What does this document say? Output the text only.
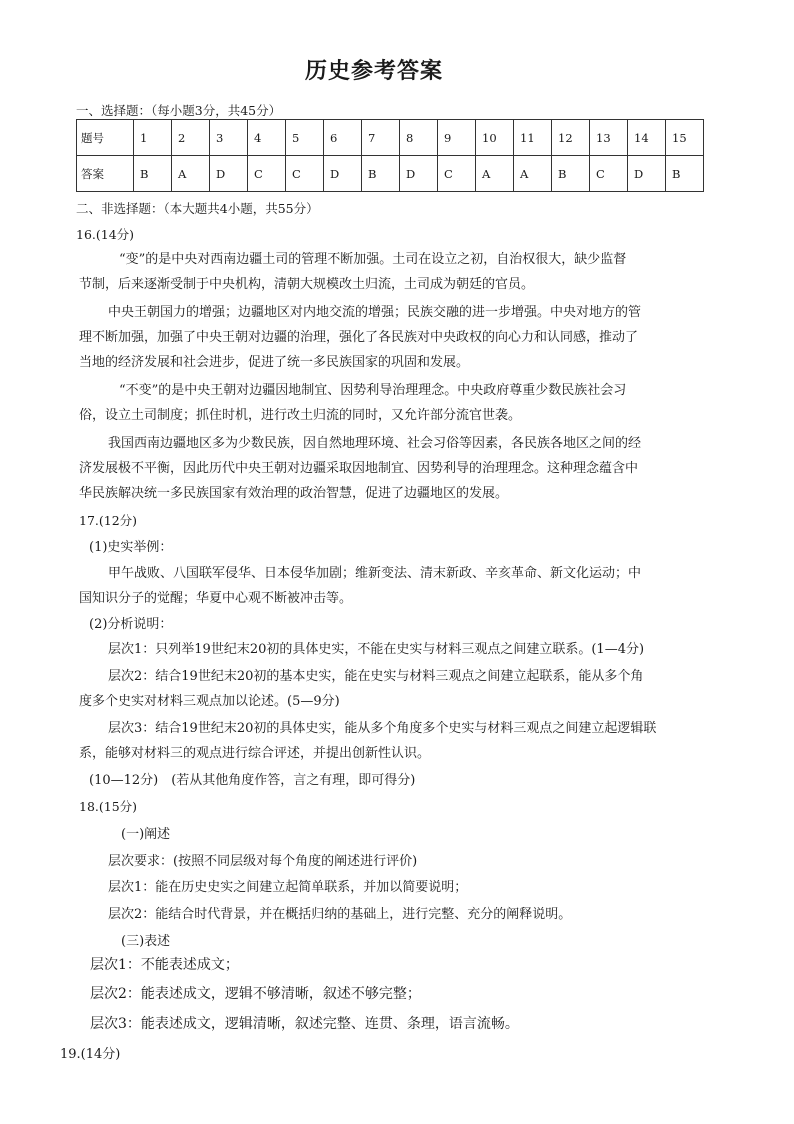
历史参考答案
一、选择题：（每小题3分，共45分）
题号	1	2	3	4	5	6	7	8	9	10	11	12	13	14	15
答案	B	A	D	C	C	D	B	D	C	A	A	B	C	D	B
二、非选择题：（本大题共4小题，共55分）
16.(14分)
“变”的是中央对西南边疆土司的管理不断加强。土司在设立之初，自治权很大，缺少监督
节制，后来逐渐受制于中央机构，清朝大规模改土归流，土司成为朝廷的官员。
中央王朝国力的增强；边疆地区对内地交流的增强；民族交融的进一步增强。中央对地方的管
理不断加强，加强了中央王朝对边疆的治理，强化了各民族对中央政权的向心力和认同感，推动了
当地的经济发展和社会进步，促进了统一多民族国家的巩固和发展。
“不变”的是中央王朝对边疆因地制宜、因势利导治理理念。中央政府尊重少数民族社会习
俗，设立土司制度；抓住时机，进行改土归流的同时，又允许部分流官世袭。
我国西南边疆地区多为少数民族，因自然地理环境、社会习俗等因素，各民族各地区之间的经
济发展极不平衡，因此历代中央王朝对边疆采取因地制宜、因势利导的治理理念。这种理念蕴含中
华民族解决统一多民族国家有效治理的政治智慧，促进了边疆地区的发展。
17.(12分)
(1)史实举例：
甲午战败、八国联军侵华、日本侵华加剧；维新变法、清末新政、辛亥革命、新文化运动；中
国知识分子的觉醒；华夏中心观不断被冲击等。
(2)分析说明：
层次1：只列举19世纪末20初的具体史实，不能在史实与材料三观点之间建立联系。(1—4分)
层次2：结合19世纪末20初的基本史实，能在史实与材料三观点之间建立起联系，能从多个角
度多个史实对材料三观点加以论述。(5—9分)
层次3：结合19世纪末20初的具体史实，能从多个角度多个史实与材料三观点之间建立起逻辑联
系，能够对材料三的观点进行综合评述，并提出创新性认识。
(10—12分)　(若从其他角度作答，言之有理，即可得分)
18.(15分)
(一)阐述
层次要求：(按照不同层级对每个角度的阐述进行评价)
层次1：能在历史史实之间建立起简单联系，并加以简要说明；
层次2：能结合时代背景，并在概括归纳的基础上，进行完整、充分的阐释说明。
(三)表述
层次1：不能表述成文；
层次2：能表述成文，逻辑不够清晰，叙述不够完整；
层次3：能表述成文，逻辑清晰，叙述完整、连贯、条理，语言流畅。
19.(14分)
